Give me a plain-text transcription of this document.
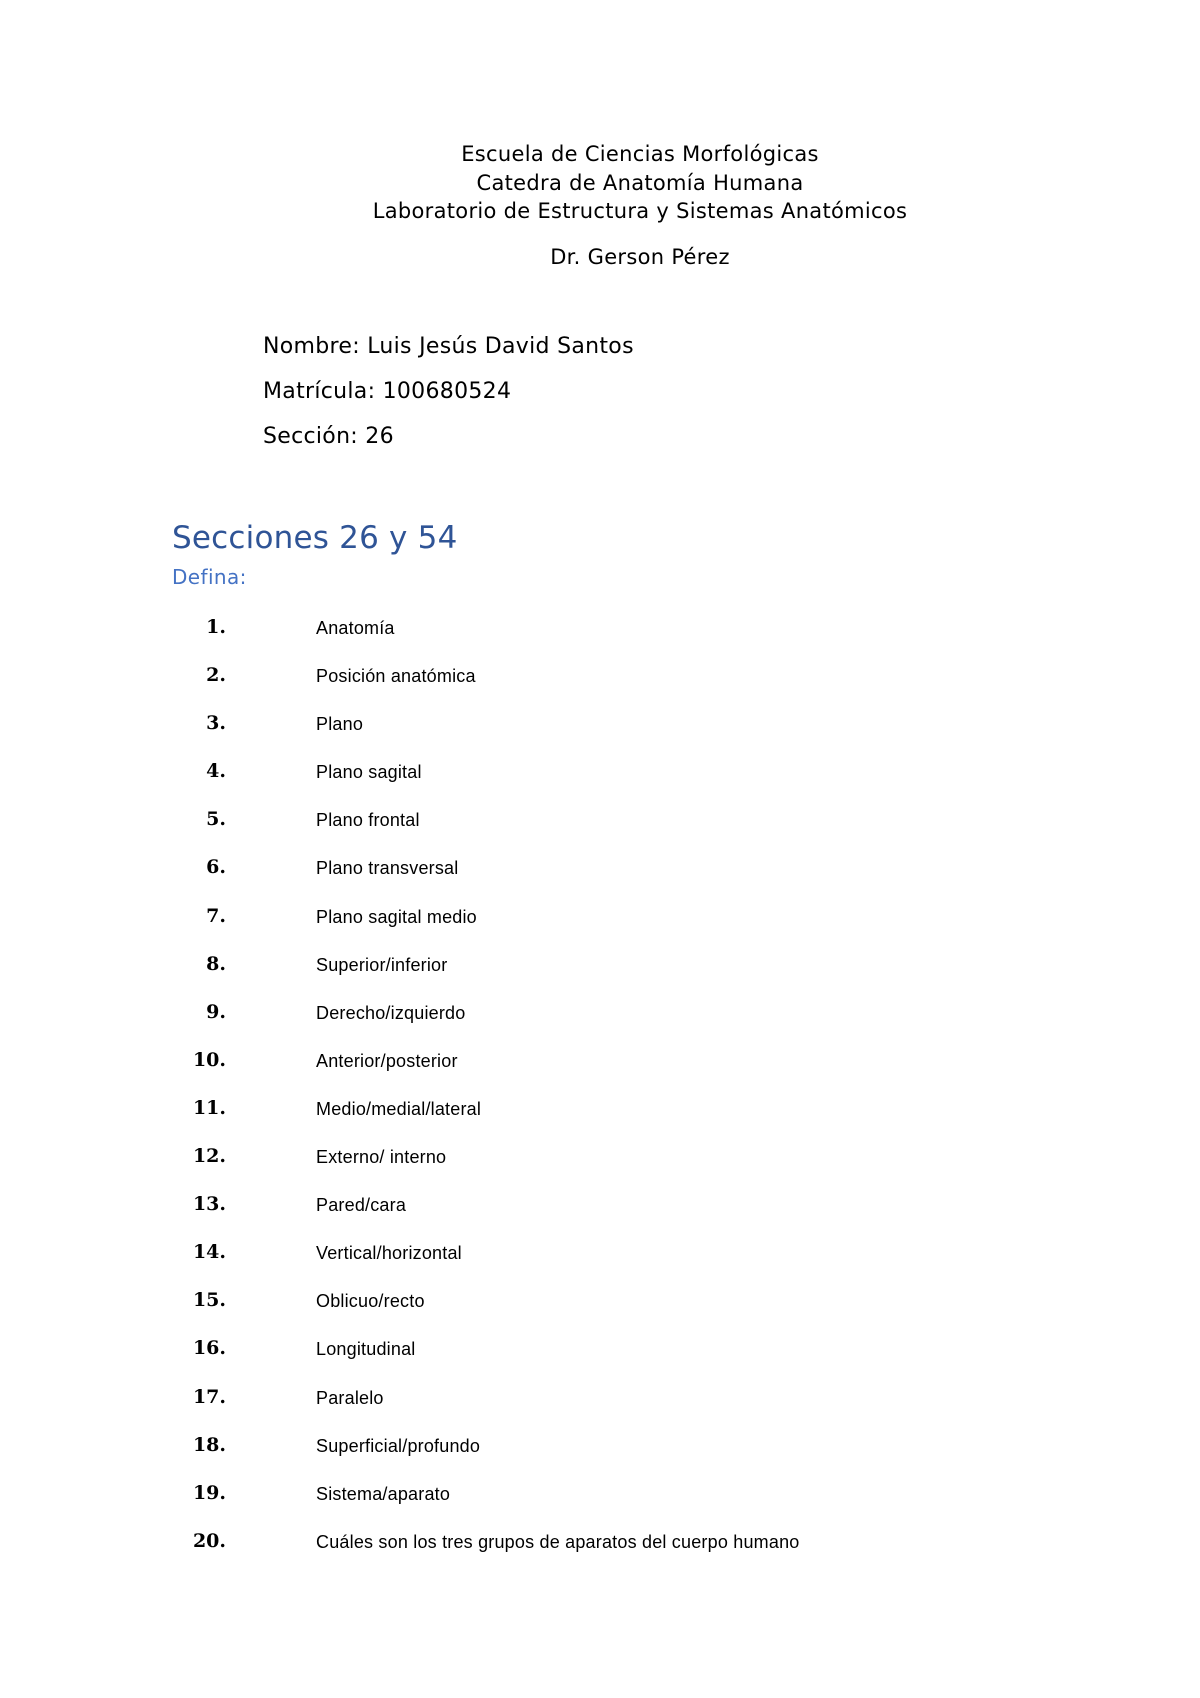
Escuela de Ciencias Morfológicas
Catedra de Anatomía Humana
Laboratorio de Estructura y Sistemas Anatómicos
Dr. Gerson Pérez
Nombre: Luis Jesús David Santos
Matrícula: 100680524
Sección: 26
Secciones 26 y 54
Defina:
1.	Anatomía
2.	Posición anatómica
3.	Plano
4.	Plano sagital
5.	Plano frontal
6.	Plano transversal
7.	Plano sagital medio
8.	Superior/inferior
9.	Derecho/izquierdo
10.	Anterior/posterior
11.	Medio/medial/lateral
12.	Externo/ interno
13.	Pared/cara
14.	Vertical/horizontal
15.	Oblicuo/recto
16.	Longitudinal
17.	Paralelo
18.	Superficial/profundo
19.	Sistema/aparato
20.	Cuáles son los tres grupos de aparatos del cuerpo humano
